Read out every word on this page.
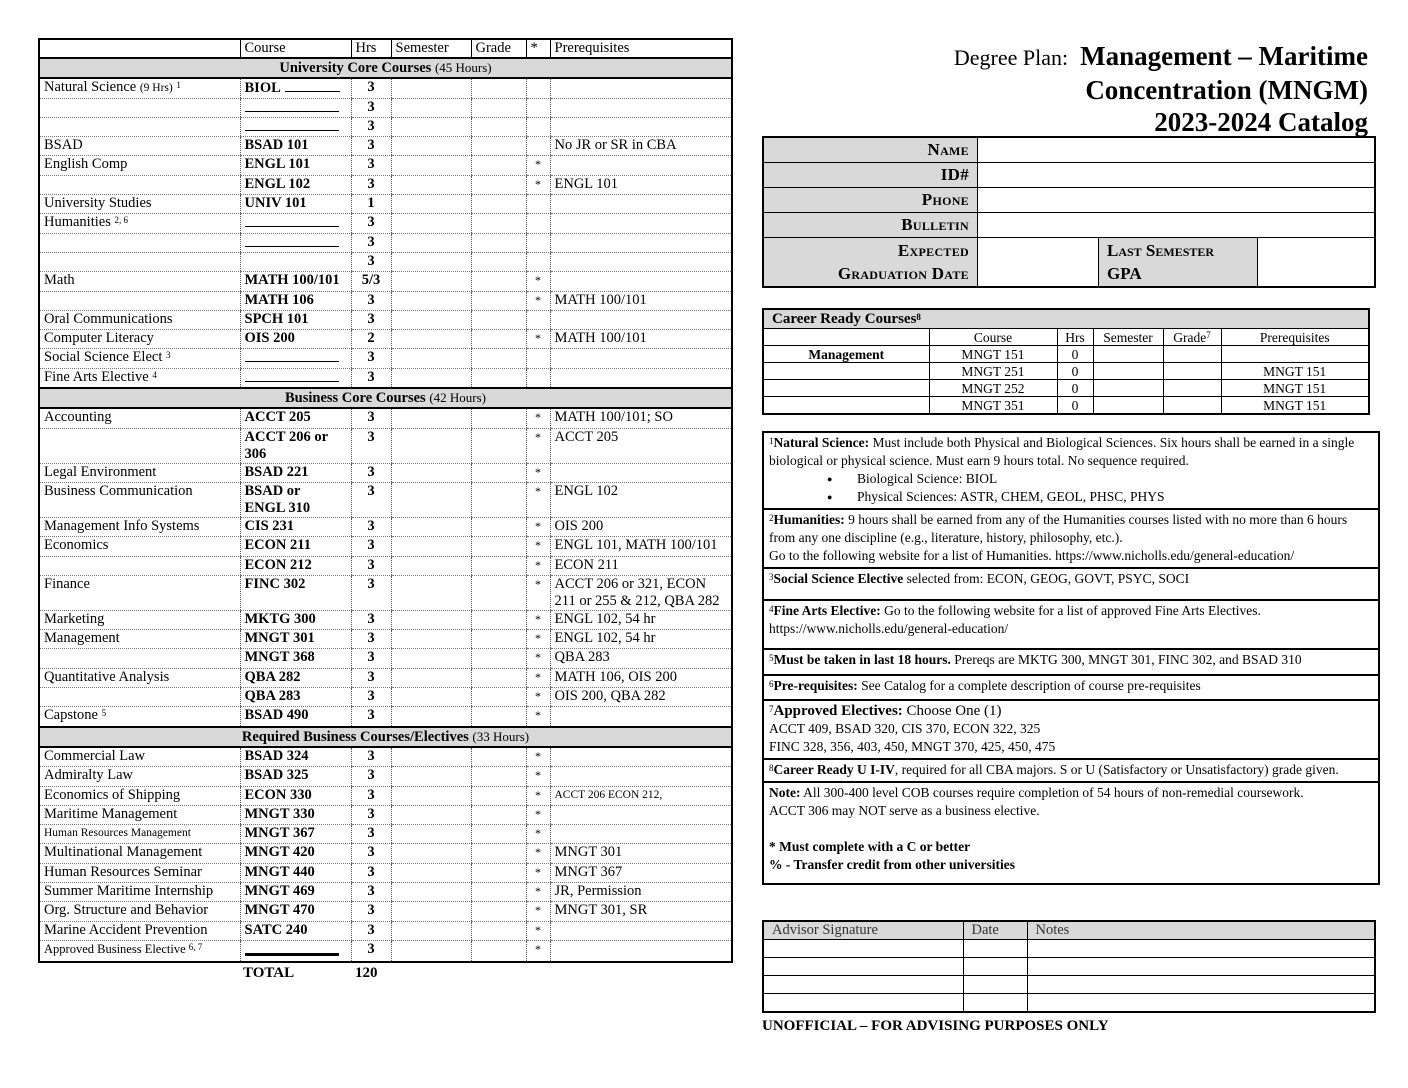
	Course	Hrs	Semester	Grade	*	Prerequisites
University Core Courses (45 Hours)						
Natural Science (9 Hrs) $^1$	BIOL	3				
		3				
		3				
BSAD	BSAD 101	3				No JR or SR in CBA
English Comp	ENGL 101	3			*	
	ENGL 102	3			*	ENGL 101
University Studies	UNIV 101	1				
Humanities $^{2, 6}$		3				
		3				
		3				
Math	MATH 100/101	5/3			*	
	MATH 106	3			*	MATH 100/101
Oral Communications	SPCH 101	3				
Computer Literacy	OIS 200	2			*	MATH 100/101
Social Science Elect $^3$		3				
Fine Arts Elective $^4$		3				
Business Core Courses (42 Hours)						
Accounting	ACCT 205	3			*	MATH 100/101; SO
	ACCT 206 or
306	3			*	ACCT 205
Legal Environment	BSAD 221	3			*	
Business Communication	BSAD or
ENGL 310	3			*	ENGL 102
Management Info Systems	CIS 231	3			*	OIS 200
Economics	ECON 211	3			*	ENGL 101, MATH 100/101
	ECON 212	3			*	ECON 211
Finance	FINC 302	3			*	ACCT 206 or 321, ECON
211 or 255 & 212, QBA 282
Marketing	MKTG 300	3			*	ENGL 102, 54 hr
Management	MNGT 301	3			*	ENGL 102, 54 hr
	MNGT 368	3			*	QBA 283
Quantitative Analysis	QBA 282	3			*	MATH 106, OIS 200
	QBA 283	3			*	OIS 200, QBA 282
Capstone $^5$	BSAD 490	3			*	
Required Business Courses/Electives (33 Hours)						
Commercial Law	BSAD 324	3			*	
Admiralty Law	BSAD 325	3			*	
Economics of Shipping	ECON 330	3			*	ACCT 206 ECON 212,
Maritime Management	MNGT 330	3			*	
Human Resources Management	MNGT 367	3			*	
Multinational Management	MNGT 420	3			*	MNGT 301
Human Resources Seminar	MNGT 440	3			*	MNGT 367
Summer Maritime Internship	MNGT 469	3			*	JR, Permission
Org. Structure and Behavior	MNGT 470	3			*	MNGT 301, SR
Marine Accident Prevention	SATC 240	3			*	
Approved Business Elective $^{6, 7}$		3			*	
TOTAL	120
Degree Plan: Management – Maritime
Concentration (MNGM)
2023-2024 Catalog
Name			
ID#			
Phone			
Bulletin			
Expected
Graduation Date		Last Semester
GPA	
Career Ready Courses$^8$
	Course	Hrs	Semester	Grade$^7$	Prerequisites
Management	MNGT 151	0			
	MNGT 251	0			MNGT 151
	MNGT 252	0			MNGT 151
	MNGT 351	0			MNGT 151
$^1$Natural Science: Must include both Physical and Biological Sciences. Six hours shall be earned in a single biological or physical science. Must earn 9 hours total. No sequence required.
● Biological Science: BIOL
● Physical Sciences: ASTR, CHEM, GEOL, PHSC, PHYS
$^2$Humanities: 9 hours shall be earned from any of the Humanities courses listed with no more than 6 hours from any one discipline (e.g., literature, history, philosophy, etc.).
Go to the following website for a list of Humanities. https://www.nicholls.edu/general-education/
$^3$Social Science Elective selected from: ECON, GEOG, GOVT, PSYC, SOCI
$^4$Fine Arts Elective: Go to the following website for a list of approved Fine Arts Electives.
https://www.nicholls.edu/general-education/
$^5$Must be taken in last 18 hours. Prereqs are MKTG 300, MNGT 301, FINC 302, and BSAD 310
$^6$Pre-requisites: See Catalog for a complete description of course pre-requisites
$^7$Approved Electives: Choose One (1)
ACCT 409, BSAD 320, CIS 370, ECON 322, 325
FINC 328, 356, 403, 450, MNGT 370, 425, 450, 475
$^8$Career Ready U I-IV, required for all CBA majors. S or U (Satisfactory or Unsatisfactory) grade given.
Note: All 300-400 level COB courses require completion of 54 hours of non-remedial coursework.
ACCT 306 may NOT serve as a business elective.

* Must complete with a C or better
% - Transfer credit from other universities
Advisor Signature	Date	Notes

UNOFFICIAL – FOR ADVISING PURPOSES ONLY
